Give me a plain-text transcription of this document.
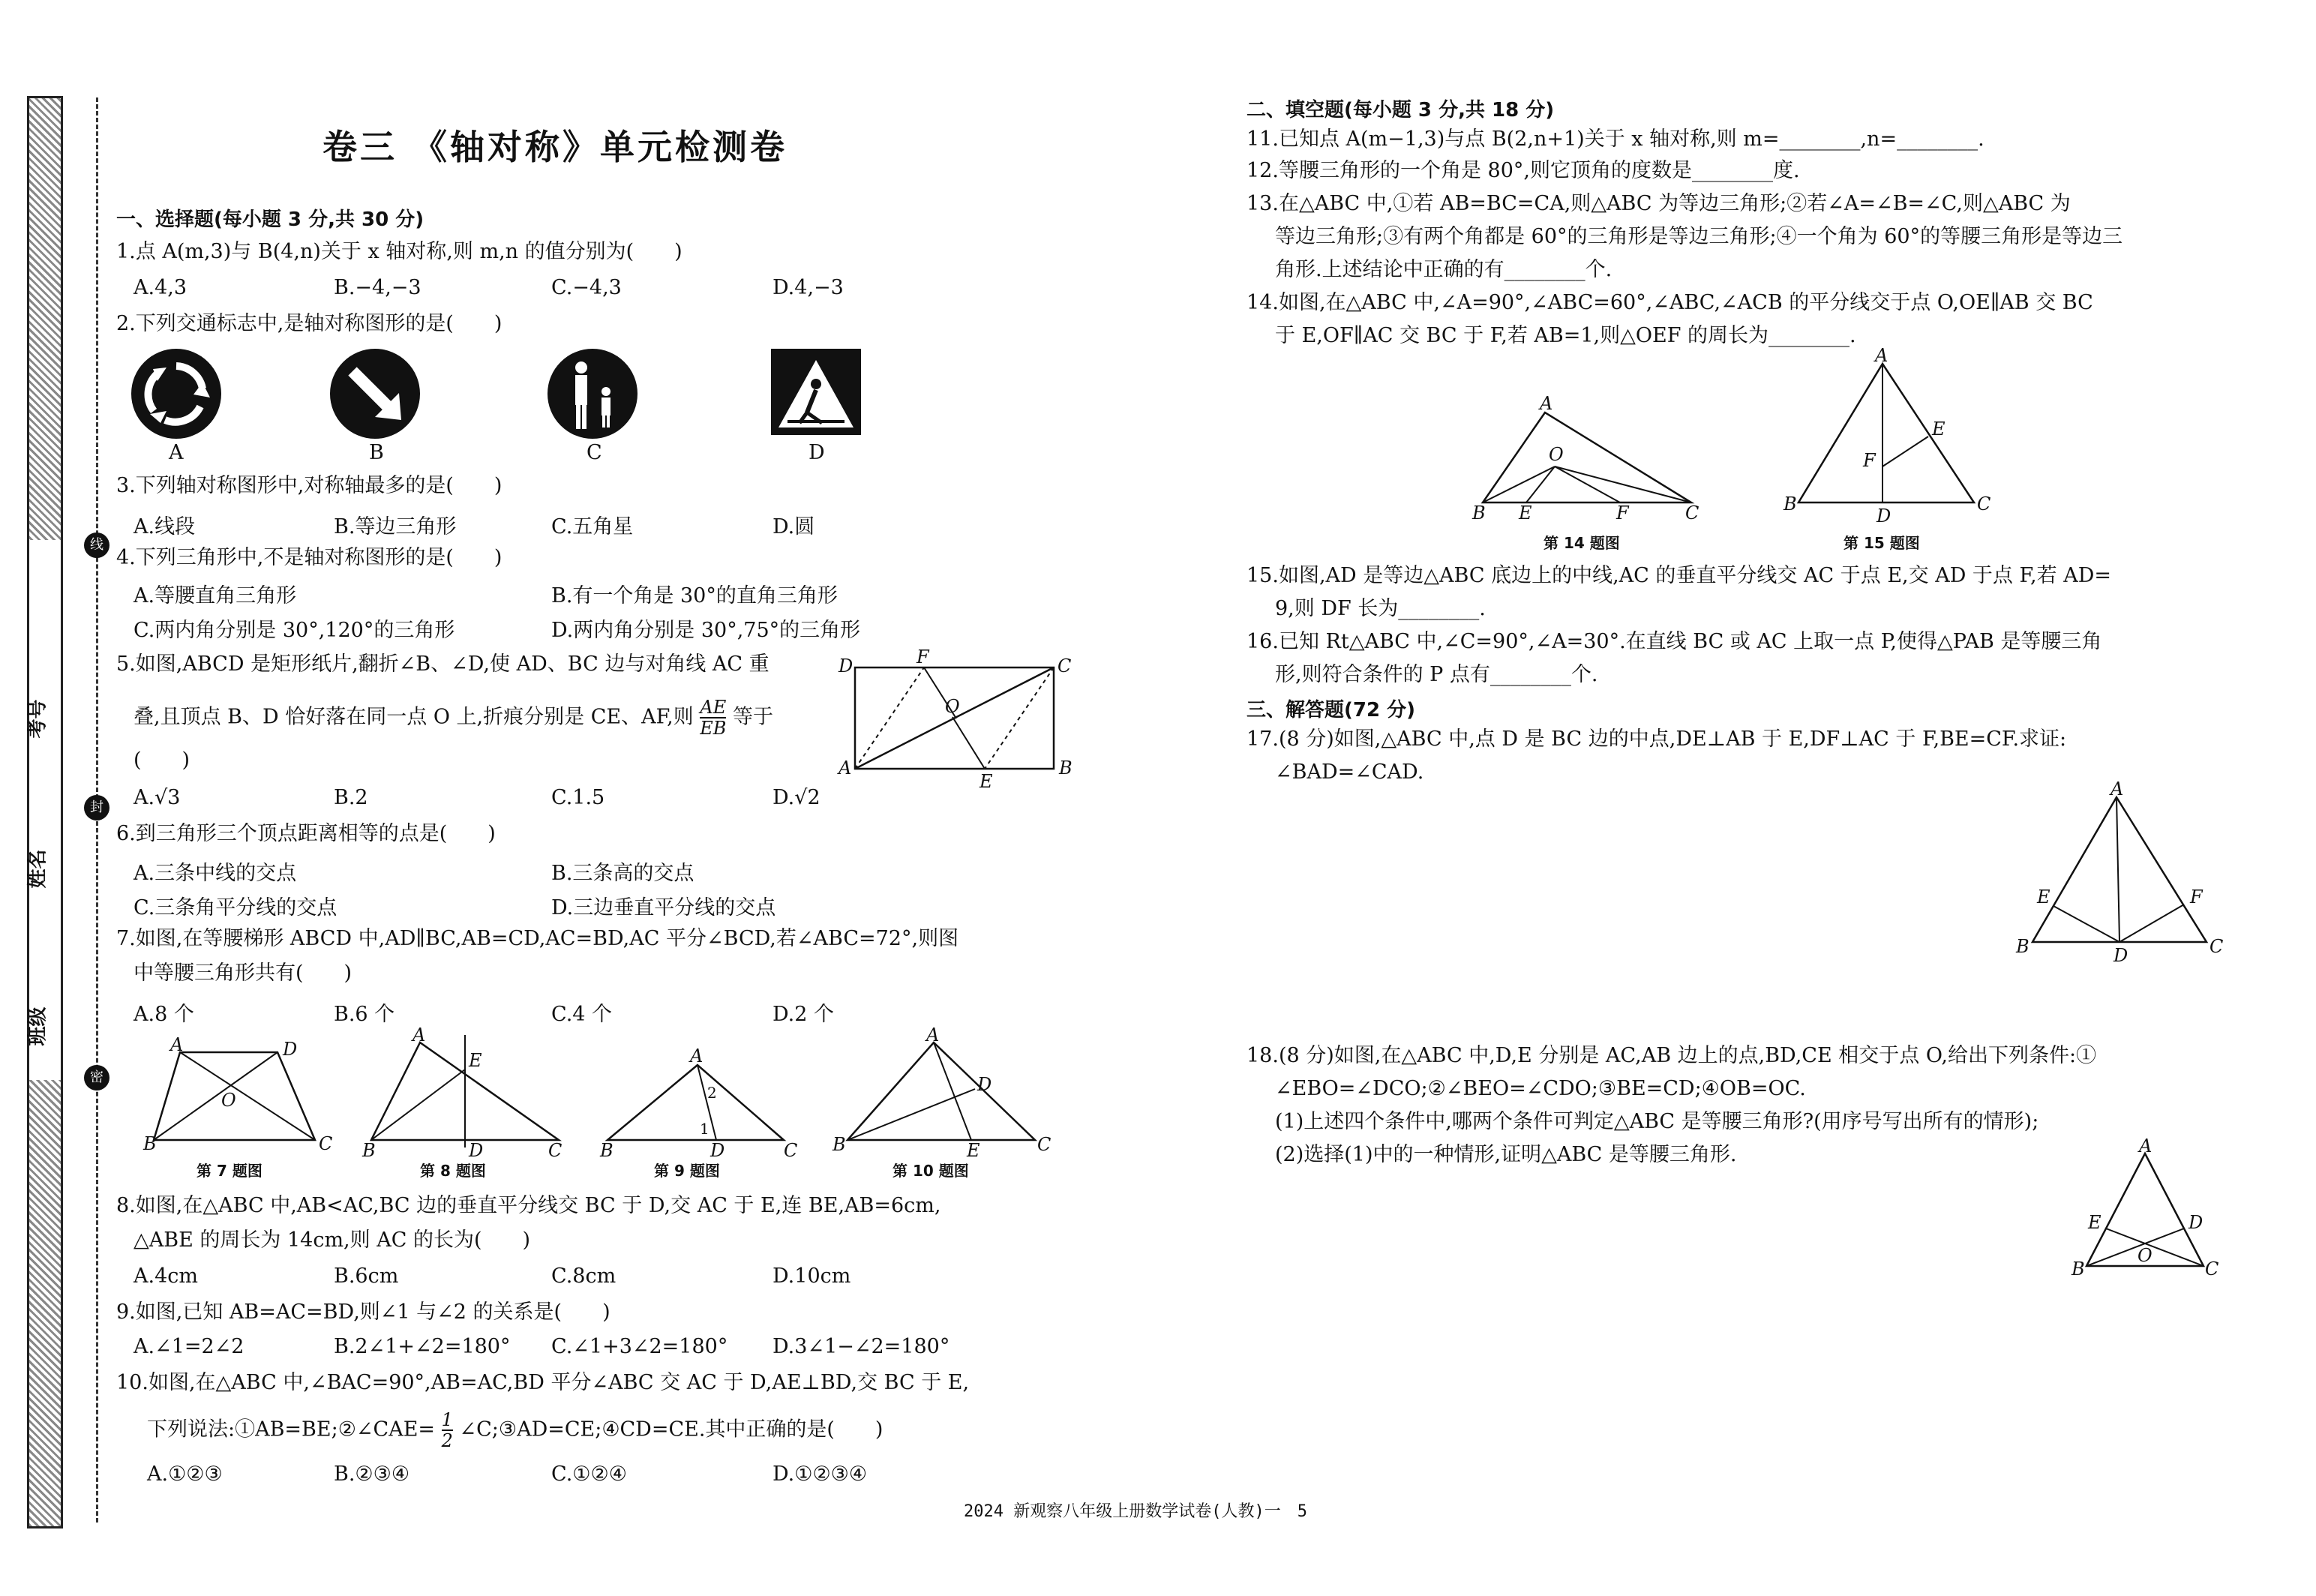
考号
姓名
班级
线
封
密
卷三 《轴对称》单元检测卷
一、选择题(每小题 3 分,共 30 分)
1.点 A(m,3)与 B(4,n)关于 x 轴对称,则 m,n 的值分别为(　　)
A.4,3	B.−4,−3	C.−4,3	D.4,−3
2.下列交通标志中,是轴对称图形的是(　　)
A	B	C	D
3.下列轴对称图形中,对称轴最多的是(　　)
A.线段	B.等边三角形	C.五角星	D.圆
4.下列三角形中,不是轴对称图形的是(　　)
A.等腰直角三角形	B.有一个角是 30°的直角三角形
C.两内角分别是 30°,120°的三角形	D.两内角分别是 30°,75°的三角形
5.如图,ABCD 是矩形纸片,翻折∠B、∠D,使 AD、BC 边与对角线 AC 重
叠,且顶点 B、D 恰好落在同一点 O 上,折痕分别是 CE、AF,则 $\frac{AE}{EB}$ 等于
(　　)
D	F	C
O
A
E
B
A.√3	B.2	C.1.5	D.√2
6.到三角形三个顶点距离相等的点是(　　)
A.三条中线的交点	B.三条高的交点
C.三条角平分线的交点	D.三边垂直平分线的交点
7.如图,在等腰梯形 ABCD 中,AD∥BC,AB=CD,AC=BD,AC 平分∠BCD,若∠ABC=72°,则图
中等腰三角形共有(　　)
A.8 个	B.6 个	C.4 个	D.2 个
A	D
O
B	C
A
E
B	D	C
A
2
1
B	D	C
A
D
B	E	C
第 7 题图	第 8 题图	第 9 题图	第 10 题图
8.如图,在△ABC 中,AB<AC,BC 边的垂直平分线交 BC 于 D,交 AC 于 E,连 BE,AB=6cm,
△ABE 的周长为 14cm,则 AC 的长为(　　)
A.4cm	B.6cm	C.8cm	D.10cm
9.如图,已知 AB=AC=BD,则∠1 与∠2 的关系是(　　)
A.∠1=2∠2	B.2∠1+∠2=180° C.∠1+3∠2=180° D.3∠1−∠2=180°
10.如图,在△ABC 中,∠BAC=90°,AB=AC,BD 平分∠ABC 交 AC 于 D,AE⊥BD,交 BC 于 E,
下列说法:①AB=BE;②∠CAE= $\frac{1}{2}$ ∠C;③AD=CE;④CD=CE.其中正确的是(　　)
A.①②③	B.②③④	C.①②④	D.①②③④
二、填空题(每小题 3 分,共 18 分)
11.已知点 A(m−1,3)与点 B(2,n+1)关于 x 轴对称,则 m=________,n=________.
12.等腰三角形的一个角是 80°,则它顶角的度数是________度.
13.在△ABC 中,①若 AB=BC=CA,则△ABC 为等边三角形;②若∠A=∠B=∠C,则△ABC 为
等边三角形;③有两个角都是 60°的三角形是等边三角形;④一个角为 60°的等腰三角形是等边三
角形.上述结论中正确的有________个.
14.如图,在△ABC 中,∠A=90°,∠ABC=60°,∠ABC,∠ACB 的平分线交于点 O,OE∥AB 交 BC
于 E,OF∥AC 交 BC 于 F,若 AB=1,则△OEF 的周长为________.
A
O
B E	F	C
A
E
F
B
D
C
第 14 题图	第 15 题图
15.如图,AD 是等边△ABC 底边上的中线,AC 的垂直平分线交 AC 于点 E,交 AD 于点 F,若 AD=
9,则 DF 长为________.
16.已知 Rt△ABC 中,∠C=90°,∠A=30°.在直线 BC 或 AC 上取一点 P,使得△PAB 是等腰三角
形,则符合条件的 P 点有________个.
三、解答题(72 分)
17.(8 分)如图,△ABC 中,点 D 是 BC 边的中点,DE⊥AB 于 E,DF⊥AC 于 F,BE=CF.求证:
∠BAD=∠CAD.
A
E	F
B	D	C
18.(8 分)如图,在△ABC 中,D,E 分别是 AC,AB 边上的点,BD,CE 相交于点 O,给出下列条件:①
∠EBO=∠DCO;②∠BEO=∠CDO;③BE=CD;④OB=OC.
(1)上述四个条件中,哪两个条件可判定△ABC 是等腰三角形?(用序号写出所有的情形);
(2)选择(1)中的一种情形,证明△ABC 是等腰三角形.	A
E	D
O
B	C
2024 新观察八年级上册数学试卷(人教)一　5
